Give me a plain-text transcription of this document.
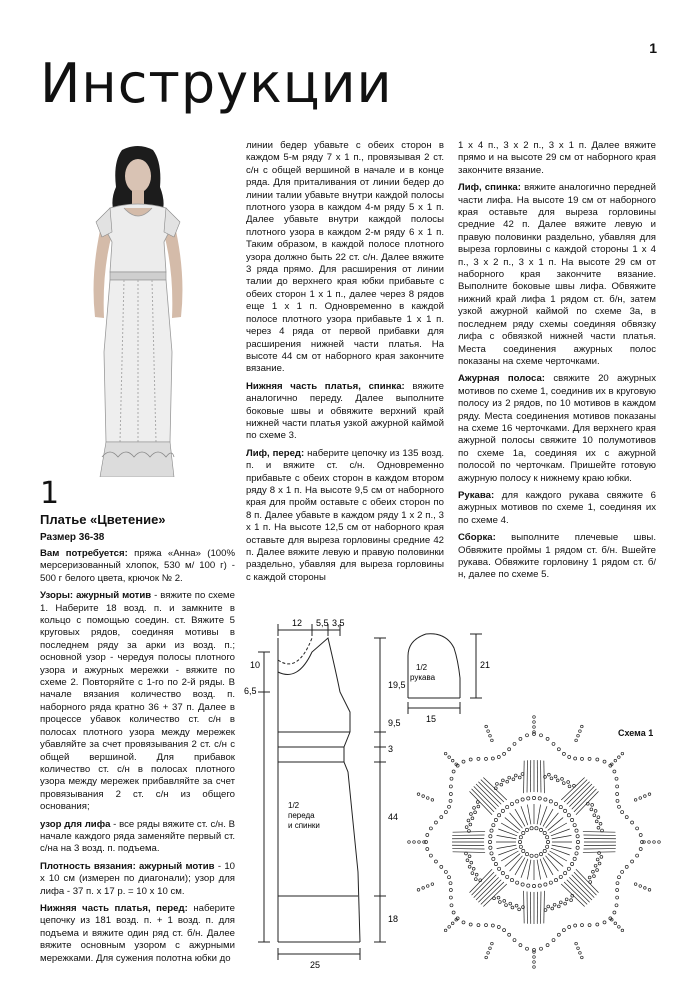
1
Инструкции
1
Платье «Цветение»
Размер 36-38

Вам потребуется: пряжа «Анна» (100% мерсеризованный хлопок, 530 м/ 100 г) - 500 г белого цвета, крючок № 2.

Узоры: ажурный мотив - вяжите по схеме 1. Наберите 18 возд. п. и замкните в кольцо с помощью соедин. ст. Вяжите 5 круговых рядов, соединяя мотивы в последнем ряду за арки из возд. п.; основной узор - чередуя полосы плотного узора и ажурных мережки - вяжите по схеме 2. Повторяйте с 1-го по 2-й ряды. В начале вязания количество возд. п. наборного ряда кратно 36 + 37 п. Далее в процессе убавок количество ст. с/н в полосах плотного узора между мережек убавляйте за счет провязывания 2 ст. с/н с общей вершиной. Для прибавок количество ст. с/н в полосах плотного узора между мережек прибавляйте за счет провязывания 2 ст. с/н из общего основания;

узор для лифа - все ряды вяжите ст. с/н. В начале каждого ряда заменяйте первый ст. с/на на 3 возд. п. подъема.

Плотность вязания: ажурный мотив - 10 х 10 см (измерен по диагонали); узор для лифа - 37 п. х 17 р. = 10 х 10 см.

Нижняя часть платья, перед: наберите цепочку из 181 возд. п. + 1 возд. п. для подъема и вяжите один ряд ст. б/н. Далее вяжите основным узором с ажурными мережками. Для сужения полотна юбки до

линии бедер убавьте с обеих сторон в каждом 5-м ряду 7 х 1 п., провязывая 2 ст. с/н с общей вершиной в начале и в конце ряда. Для приталивания от линии бедер до линии талии убавьте внутри каждой полосы плотного узора в каждом 4-м ряду 5 х 1 п. Далее убавьте внутри каждой полосы плотного узора в каждом 2-м ряду 6 х 1 п. Таким образом, в каждой полосе плотного узора должно быть 22 ст. с/н. Далее вяжите 3 ряда прямо. Для расширения от линии талии до верхнего края юбки прибавьте с обеих сторон 1 х 1 п., далее через 8 рядов еще 1 х 1 п. Одновременно в каждой полосе плотного узора прибавьте 1 х 1 п. через 4 ряда от первой прибавки для расширения нижней части платья. На высоте 44 см от наборного края закончите вязание.

Нижняя часть платья, спинка: вяжите аналогично переду. Далее выполните боковые швы и обвяжите верхний край нижней части платья узкой ажурной каймой по схеме 3.

Лиф, перед: наберите цепочку из 135 возд. п. и вяжите ст. с/н. Одновременно прибавьте с обеих сторон в каждом втором ряду 8 х 1 п. На высоте 9,5 см от наборного края для пройм оставьте с обеих сторон по 8 п. Далее убавьте в каждом ряду 1 х 2 п., 3 х 1 п. На высоте 12,5 см от наборного края оставьте для выреза горловины средние 42 п. Далее вяжите левую и правую половинки раздельно, убавляя для выреза горловины с каждой стороны

1 х 4 п., 3 х 2 п., 3 х 1 п. Далее вяжите прямо и на высоте 29 см от наборного края закончите вязание.

Лиф, спинка: вяжите аналогично передней части лифа. На высоте 19 см от наборного края оставьте для выреза горловины средние 42 п. Далее вяжите левую и правую половинки раздельно, убавляя для выреза горловины с каждой стороны 1 х 4 п., 3 х 2 п., 3 х 1 п. На высоте 29 см от наборного края закончите вязание. Выполните боковые швы лифа. Обвяжите нижний край лифа 1 рядом ст. б/н, затем узкой ажурной каймой по схеме 3а, в последнем ряду схемы соединяя обвязку лифа с обвязкой нижней части платья. Места соединения ажурных полос показаны на схеме черточками.

Ажурная полоса: свяжите 20 ажурных мотивов по схеме 1, соединив их в круговую полосу из 2 рядов, по 10 мотивов в каждом ряду. Места соединения мотивов показаны на схеме 16 черточками. Для верхнего края ажурной полосы свяжите 10 полумотивов по схеме 1а, соединяя их с ажурной полосой по черточкам. Пришейте готовую ажурную полосу к нижнему краю юбки.

Рукава: для каждого рукава свяжите 6 ажурных мотивов по схеме 1, соединяя их по схеме 4.

Сборка: выполните плечевые швы. Обвяжите проймы 1 рядом ст. б/н. Вшейте рукава. Обвяжите горловину 1 рядом ст. б/н, далее по схеме 5.

12 5,5 3,5
10
6,5
19,5
9,5
3
44
18
25
1/2
переда
и спинки
1/2
рукава
21
15
Схема 1
